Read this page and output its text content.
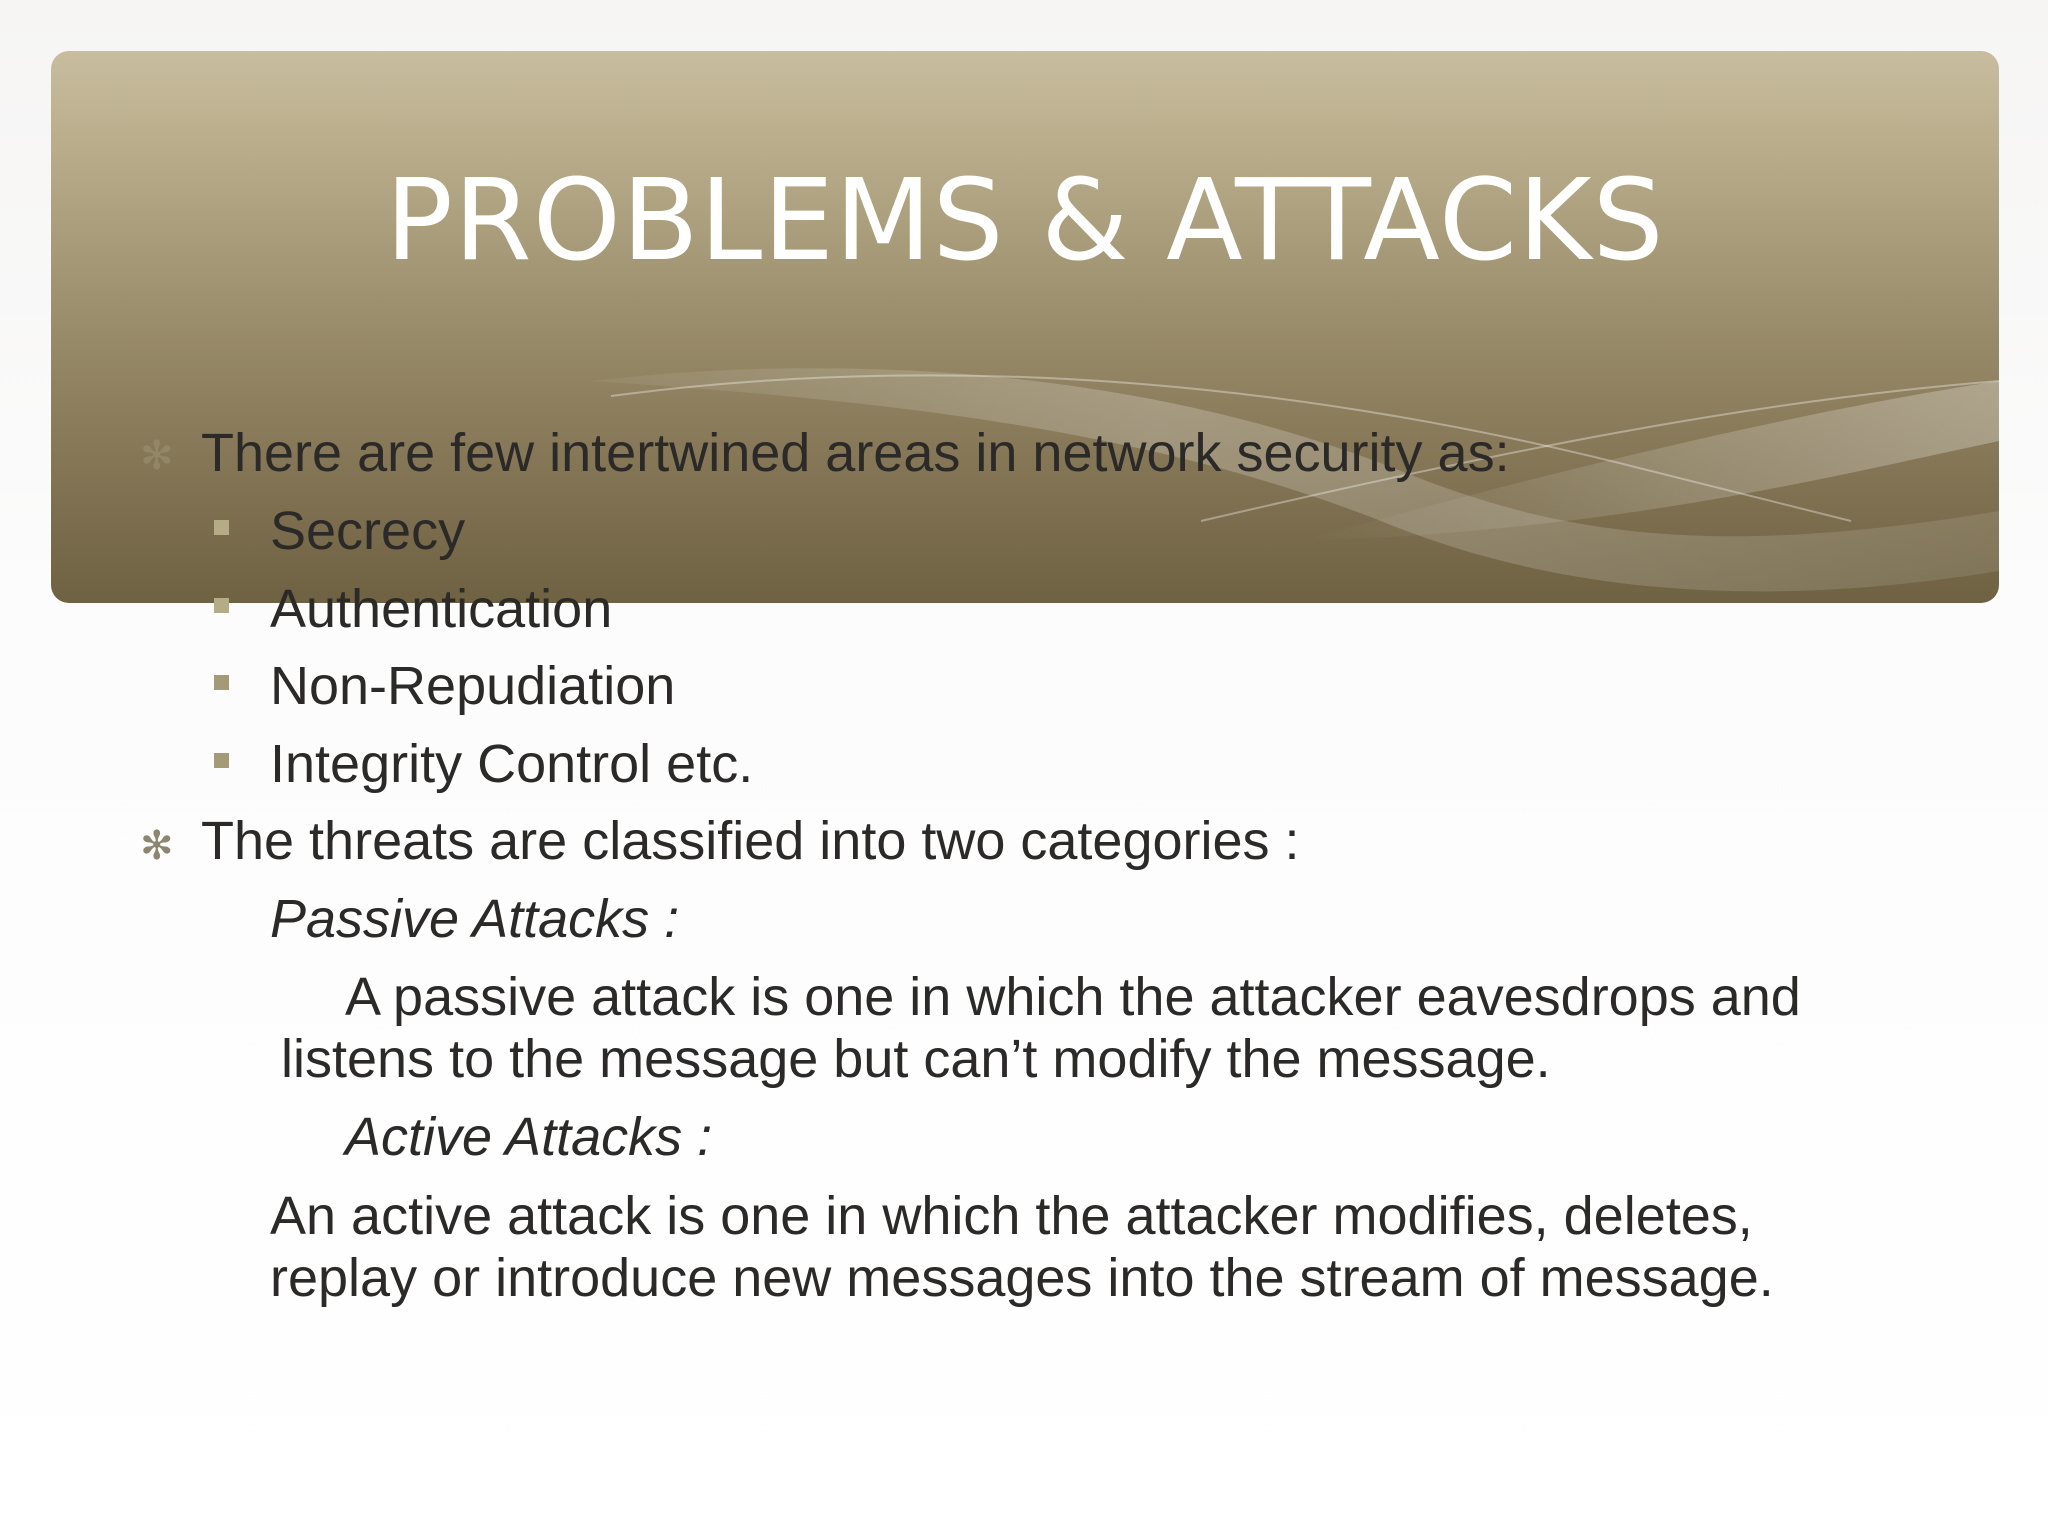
PROBLEMS & ATTACKS
✻ There are few intertwined areas in network security as:
Secrecy
Authentication
Non-Repudiation
Integrity Control etc.
✻ The threats are classified into two categories :
Passive Attacks :
A passive attack is one in which the attacker eavesdrops and
listens to the message but can’t modify the message.
Active Attacks :
An active attack is one in which the attacker modifies, deletes,
replay or introduce new messages into the stream of message.
